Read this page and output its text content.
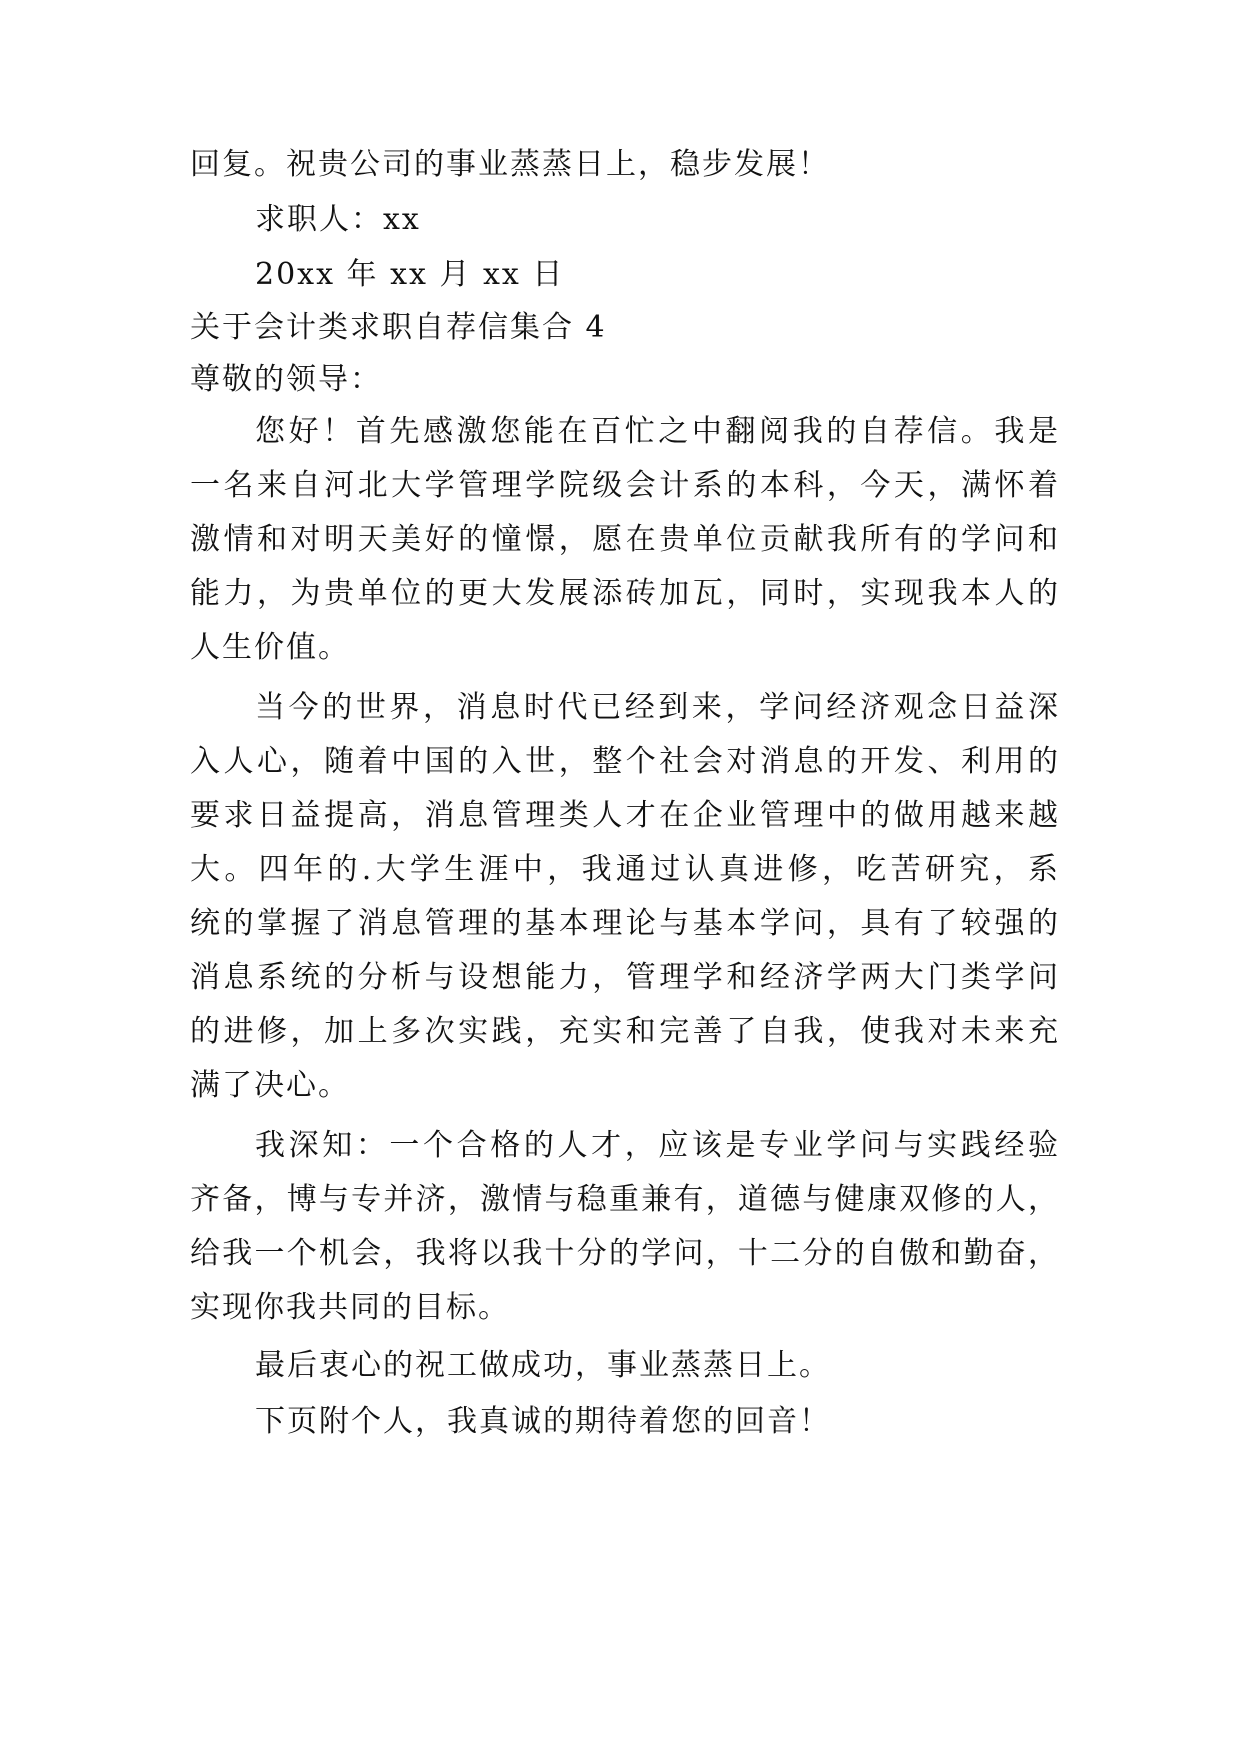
回复。祝贵公司的事业蒸蒸日上，稳步发展！
求职人：xx
20xx 年 xx 月 xx 日
关于会计类求职自荐信集合 4
尊敬的领导：
您好！首先感激您能在百忙之中翻阅我的自荐信。我是
一名来自河北大学管理学院级会计系的本科，今天，满怀着
激情和对明天美好的憧憬，愿在贵单位贡献我所有的学问和
能力，为贵单位的更大发展添砖加瓦，同时，实现我本人的
人生价值。
当今的世界，消息时代已经到来，学问经济观念日益深
入人心，随着中国的入世，整个社会对消息的开发、利用的
要求日益提高，消息管理类人才在企业管理中的做用越来越
大。四年的.大学生涯中，我通过认真进修，吃苦研究，系
统的掌握了消息管理的基本理论与基本学问，具有了较强的
消息系统的分析与设想能力，管理学和经济学两大门类学问
的进修，加上多次实践，充实和完善了自我，使我对未来充
满了决心。
我深知：一个合格的人才，应该是专业学问与实践经验
齐备，博与专并济，激情与稳重兼有，道德与健康双修的人，
给我一个机会，我将以我十分的学问，十二分的自傲和勤奋，
实现你我共同的目标。
最后衷心的祝工做成功，事业蒸蒸日上。
下页附个人，我真诚的期待着您的回音！
